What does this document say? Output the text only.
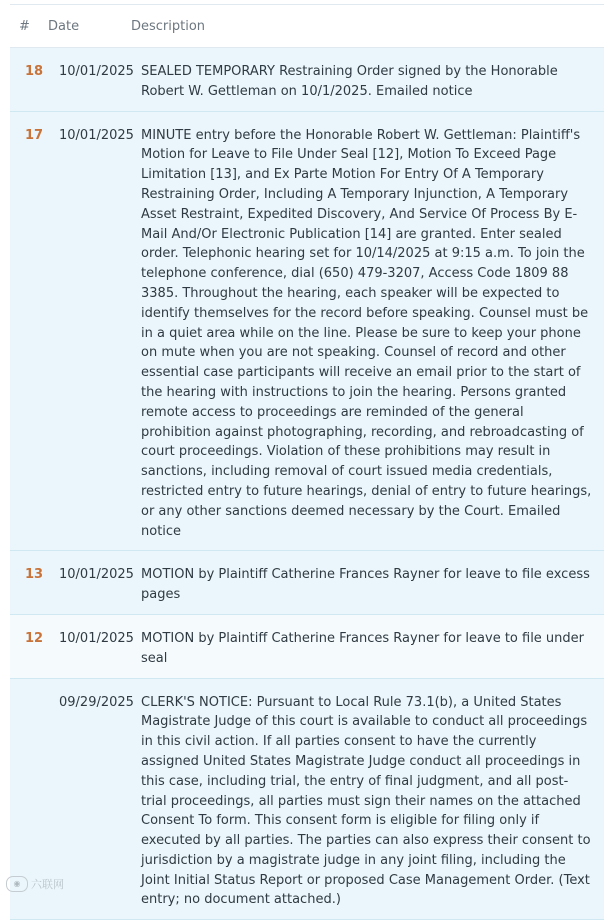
#	Date	Description
18	10/01/2025 SEALED TEMPORARY Restraining Order signed by the Honorable Robert W. Gettleman on 10/1/2025. Emailed notice
17	10/01/2025 MINUTE entry before the Honorable Robert W. Gettleman: Plaintiff's Motion for Leave to File Under Seal [12], Motion To Exceed Page Limitation [13], and Ex Parte Motion For Entry Of A Temporary Restraining Order, Including A Temporary Injunction, A Temporary Asset Restraint, Expedited Discovery, And Service Of Process By E-Mail And/Or Electronic Publication [14] are granted. Enter sealed order. Telephonic hearing set for 10/14/2025 at 9:15 a.m. To join the telephone conference, dial (650) 479-3207, Access Code 1809 88 3385. Throughout the hearing, each speaker will be expected to identify themselves for the record before speaking. Counsel must be in a quiet area while on the line. Please be sure to keep your phone on mute when you are not speaking. Counsel of record and other essential case participants will receive an email prior to the start of the hearing with instructions to join the hearing. Persons granted remote access to proceedings are reminded of the general prohibition against photographing, recording, and rebroadcasting of court proceedings. Violation of these prohibitions may result in sanctions, including removal of court issued media credentials, restricted entry to future hearings, denial of entry to future hearings, or any other sanctions deemed necessary by the Court. Emailed notice
13	10/01/2025 MOTION by Plaintiff Catherine Frances Rayner for leave to file excess pages
12	10/01/2025 MOTION by Plaintiff Catherine Frances Rayner for leave to file under seal
09/29/2025 CLERK'S NOTICE: Pursuant to Local Rule 73.1(b), a United States Magistrate Judge of this court is available to conduct all proceedings in this civil action. If all parties consent to have the currently assigned United States Magistrate Judge conduct all proceedings in this case, including trial, the entry of final judgment, and all post-trial proceedings, all parties must sign their names on the attached Consent To form. This consent form is eligible for filing only if executed by all parties. The parties can also express their consent to jurisdiction by a magistrate judge in any joint filing, including the Joint Initial Status Report or proposed Case Management Order. (Text entry; no document attached.)
◉ 六联网
